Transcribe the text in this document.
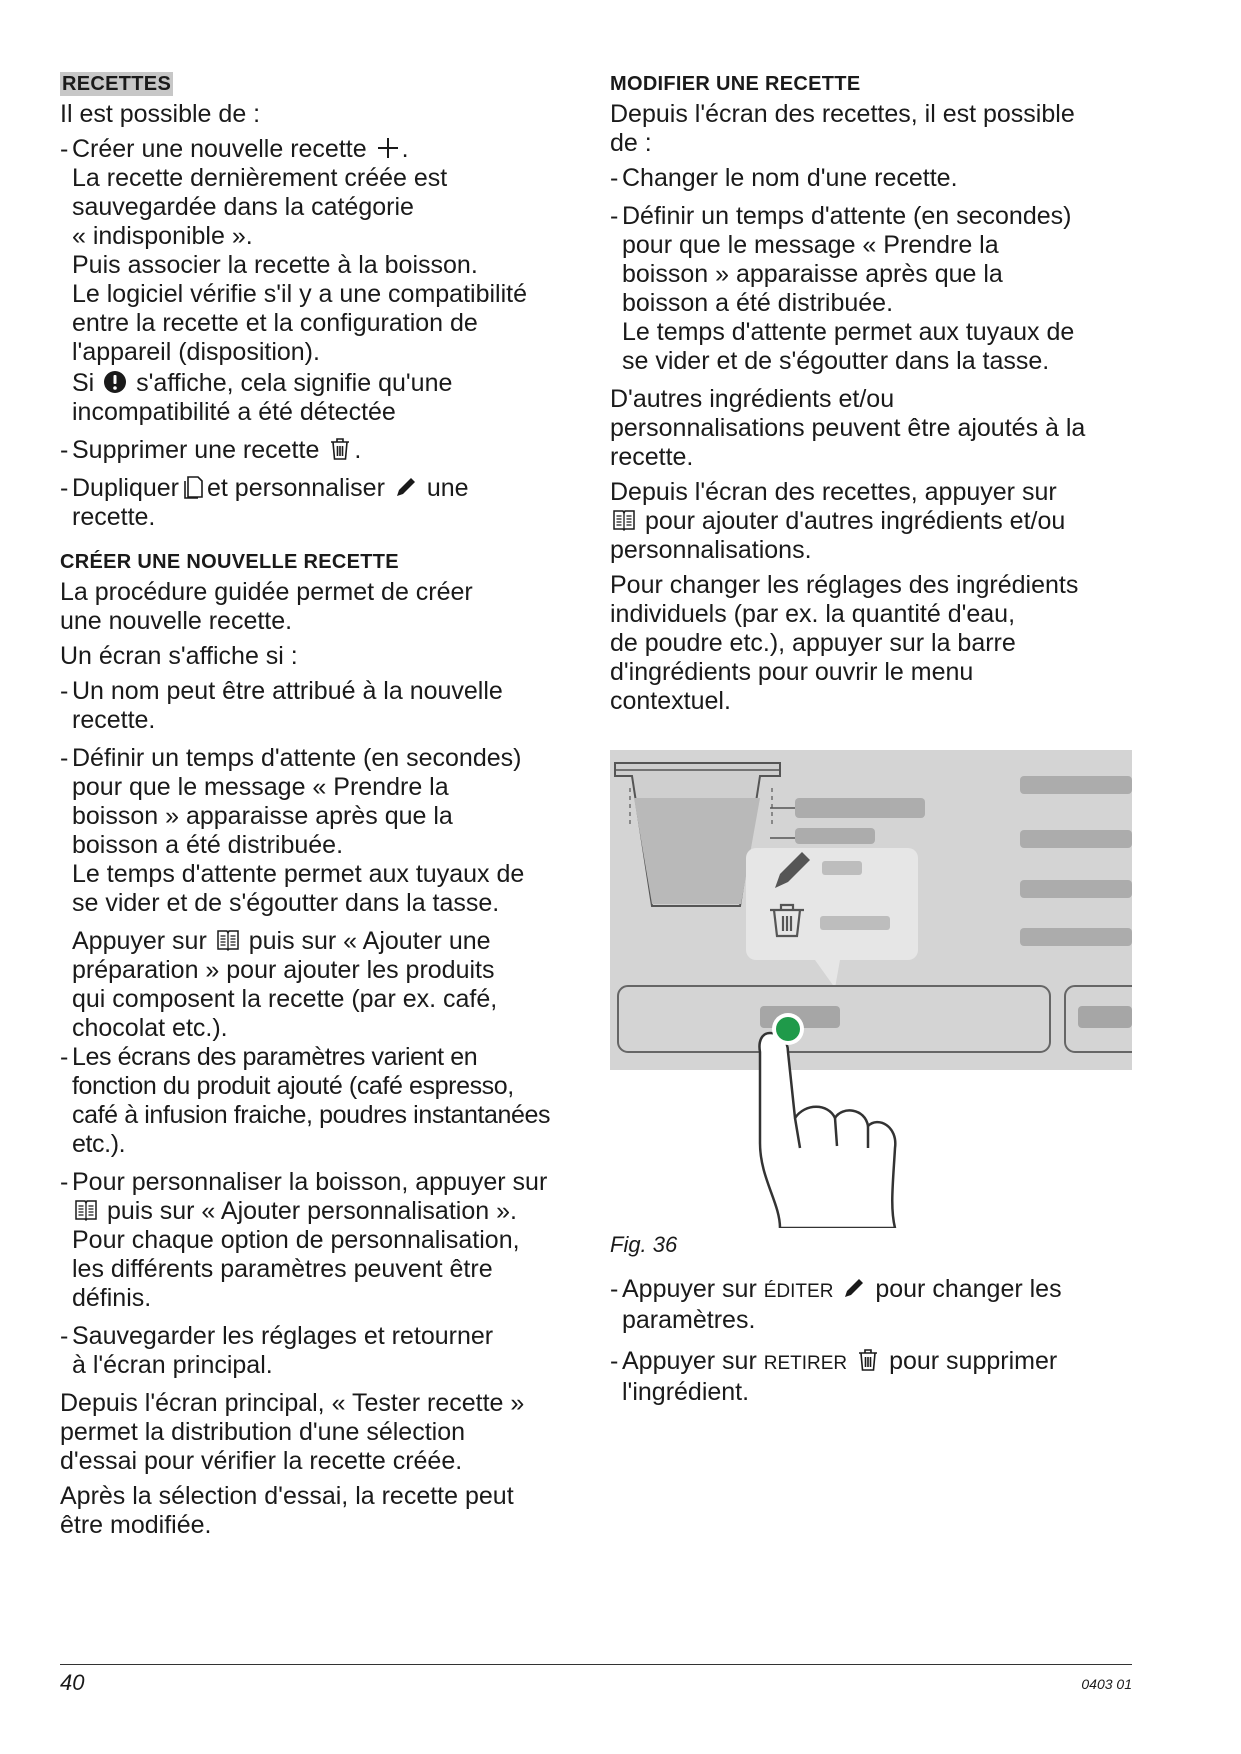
RECETTES

Il est possible de :

- Créer une nouvelle recette .
La recette dernièrement créée est
sauvegardée dans la catégorie
« indisponible ».
Puis associer la recette à la boisson.
Le logiciel vérifie s'il y a une compatibilité
entre la recette et la configuration de
l'appareil (disposition).
Si s'affiche, cela signifie qu'une
incompatibilité a été détectée
- Supprimer une recette .
- Dupliquer et personnaliser une
recette.
CRÉER UNE NOUVELLE RECETTE

La procédure guidée permet de créer
une nouvelle recette.

Un écran s'affiche si :

- Un nom peut être attribué à la nouvelle
recette.
- Définir un temps d'attente (en secondes)
pour que le message « Prendre la
boisson » apparaisse après que la
boisson a été distribuée.
Le temps d'attente permet aux tuyaux de
se vider et de s'égoutter dans la tasse.
Appuyer sur puis sur « Ajouter une
préparation » pour ajouter les produits
qui composent la recette (par ex. café,
chocolat etc.).
- Les écrans des paramètres varient en
fonction du produit ajouté (café espresso,
café à infusion fraiche, poudres instantanées
etc.).
- Pour personnaliser la boisson, appuyer sur
puis sur « Ajouter personnalisation ».
Pour chaque option de personnalisation,
les différents paramètres peuvent être
définis.
- Sauvegarder les réglages et retourner
à l'écran principal.

Depuis l'écran principal, « Tester recette »
permet la distribution d'une sélection
d'essai pour vérifier la recette créée.

Après la sélection d'essai, la recette peut
être modifiée.

MODIFIER UNE RECETTE

Depuis l'écran des recettes, il est possible
de :

- Changer le nom d'une recette.
- Définir un temps d'attente (en secondes)
pour que le message « Prendre la
boisson » apparaisse après que la
boisson a été distribuée.
Le temps d'attente permet aux tuyaux de
se vider et de s'égoutter dans la tasse.

D'autres ingrédients et/ou
personnalisations peuvent être ajoutés à la
recette.

Depuis l'écran des recettes, appuyer sur

pour ajouter d'autres ingrédients et/ou
personnalisations.

Pour changer les réglages des ingrédients
individuels (par ex. la quantité d'eau,
de poudre etc.), appuyer sur la barre
d'ingrédients pour ouvrir le menu
contextuel.

Fig. 36
- Appuyer sur ÉDITER pour changer les
paramètres.
- Appuyer sur RETIRER pour supprimer
l'ingrédient.
40	0403 01
